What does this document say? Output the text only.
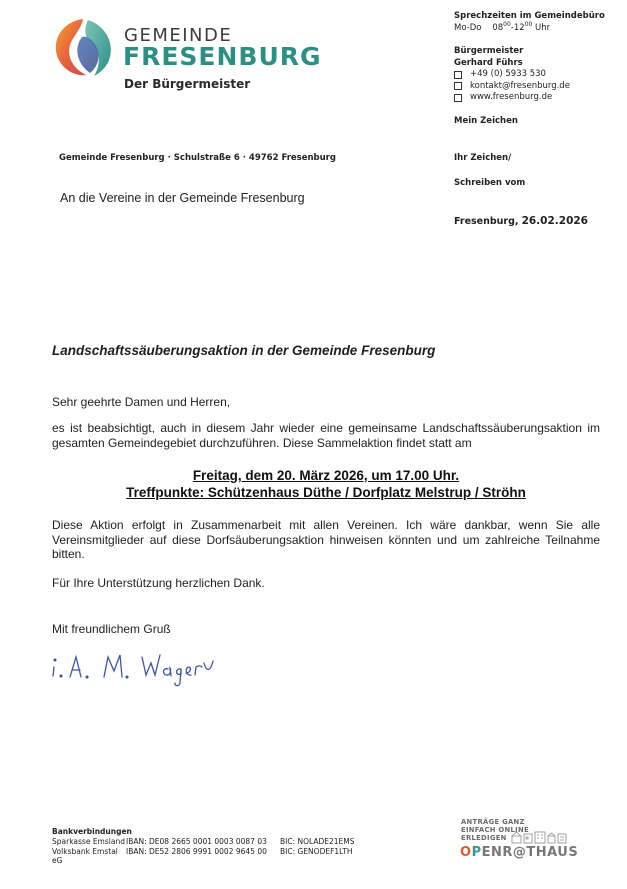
GEMEINDE
FRESENBURG
Der Bürgermeister
Sprechzeiten im Gemeindebüro
Mo-Do $08^{00}-12^{00}$ Uhr
Bürgermeister
Gerhard Führs
+49 (0) 5933 530
kontakt@fresenburg.de
www.fresenburg.de
Mein Zeichen
Ihr Zeichen/
Schreiben vom
Fresenburg, 26.02.2026
Gemeinde Fresenburg · Schulstraße 6 · 49762 Fresenburg
An die Vereine in der Gemeinde Fresenburg
Landschaftssäuberungsaktion in der Gemeinde Fresenburg
Sehr geehrte Damen und Herren,
es ist beabsichtigt, auch in diesem Jahr wieder eine gemeinsame Landschaftssäuberungsaktion im gesamten Gemeindegebiet durchzuführen. Diese Sammelaktion findet statt am
Freitag, dem 20. März 2026, um 17.00 Uhr.
Treffpunkte: Schützenhaus Düthe / Dorfplatz Melstrup / Ströhn
Diese Aktion erfolgt in Zusammenarbeit mit allen Vereinen. Ich wäre dankbar, wenn Sie alle Vereinsmitglieder auf diese Dorfsäuberungsaktion hinweisen könnten und um zahlreiche Teilnahme bitten.
Für Ihre Unterstützung herzlichen Dank.
Mit freundlichem Gruß
Bankverbindungen
Sparkasse Emsland IBAN: DE08 2665 0001 0003 0087 03	BIC: NOLADE21EMS
Volksbank Emstal eG
IBAN: DE52 2806 9991 0002 9645 00	BIC: GENODEF1LTH
ANTRÄGE GANZ
EINFACH ONLINE
ERLEDIGEN
OPENR@THAUS
